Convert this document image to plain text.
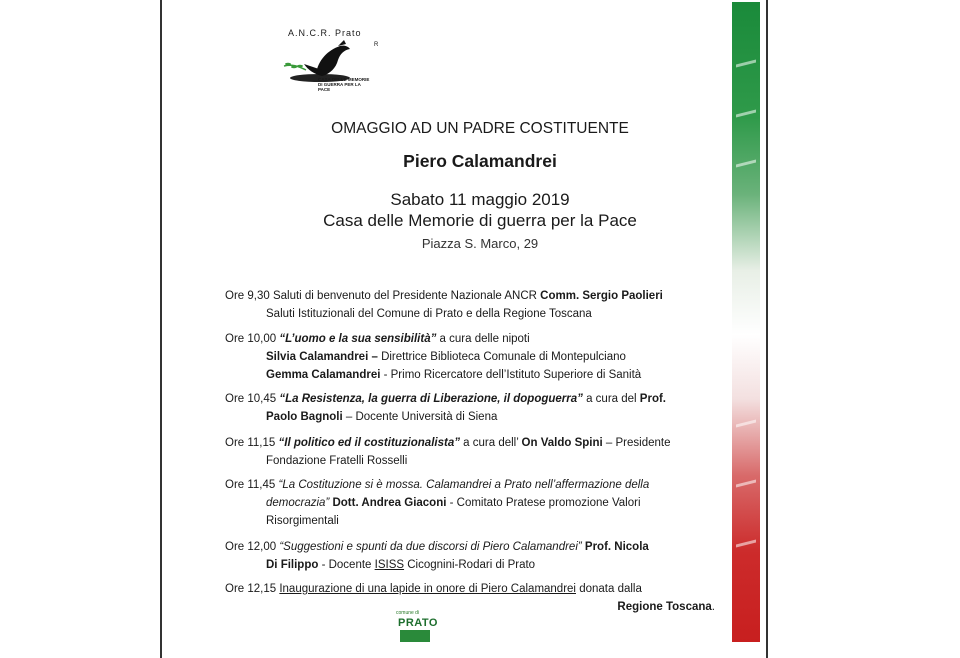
A.N.C.R. Prato
R
CASA DELLE MEMORIE DI GUERRA PER LA PACE
OMAGGIO AD UN PADRE COSTITUENTE
Piero Calamandrei
Sabato 11 maggio 2019
Casa delle Memorie di guerra per la Pace
Piazza S. Marco, 29
Ore 9,30 Saluti di benvenuto del Presidente Nazionale ANCR Comm. Sergio Paolieri
Saluti Istituzionali del Comune di Prato e della Regione Toscana
Ore 10,00 “L’uomo e la sua sensibilità” a cura delle nipoti
Silvia Calamandrei – Direttrice Biblioteca Comunale di Montepulciano
Gemma Calamandrei - Primo Ricercatore dell’Istituto Superiore di Sanità
Ore 10,45 “La Resistenza, la guerra di Liberazione, il dopoguerra” a cura del Prof.
Paolo Bagnoli – Docente Università di Siena
Ore 11,15 “Il politico ed il costituzionalista” a cura dell’ On Valdo Spini – Presidente
Fondazione Fratelli Rosselli
Ore 11,45 “La Costituzione si è mossa. Calamandrei a Prato nell’affermazione della
democrazia” Dott. Andrea Giaconi - Comitato Pratese promozione Valori
Risorgimentali
Ore 12,00 “Suggestioni e spunti da due discorsi di Piero Calamandrei” Prof. Nicola
Di Filippo - Docente ISISS Cicognini-Rodari di Prato
Ore 12,15 Inaugurazione di una lapide in onore di Piero Calamandrei donata dalla
Regione Toscana.
comune di
PRATO
